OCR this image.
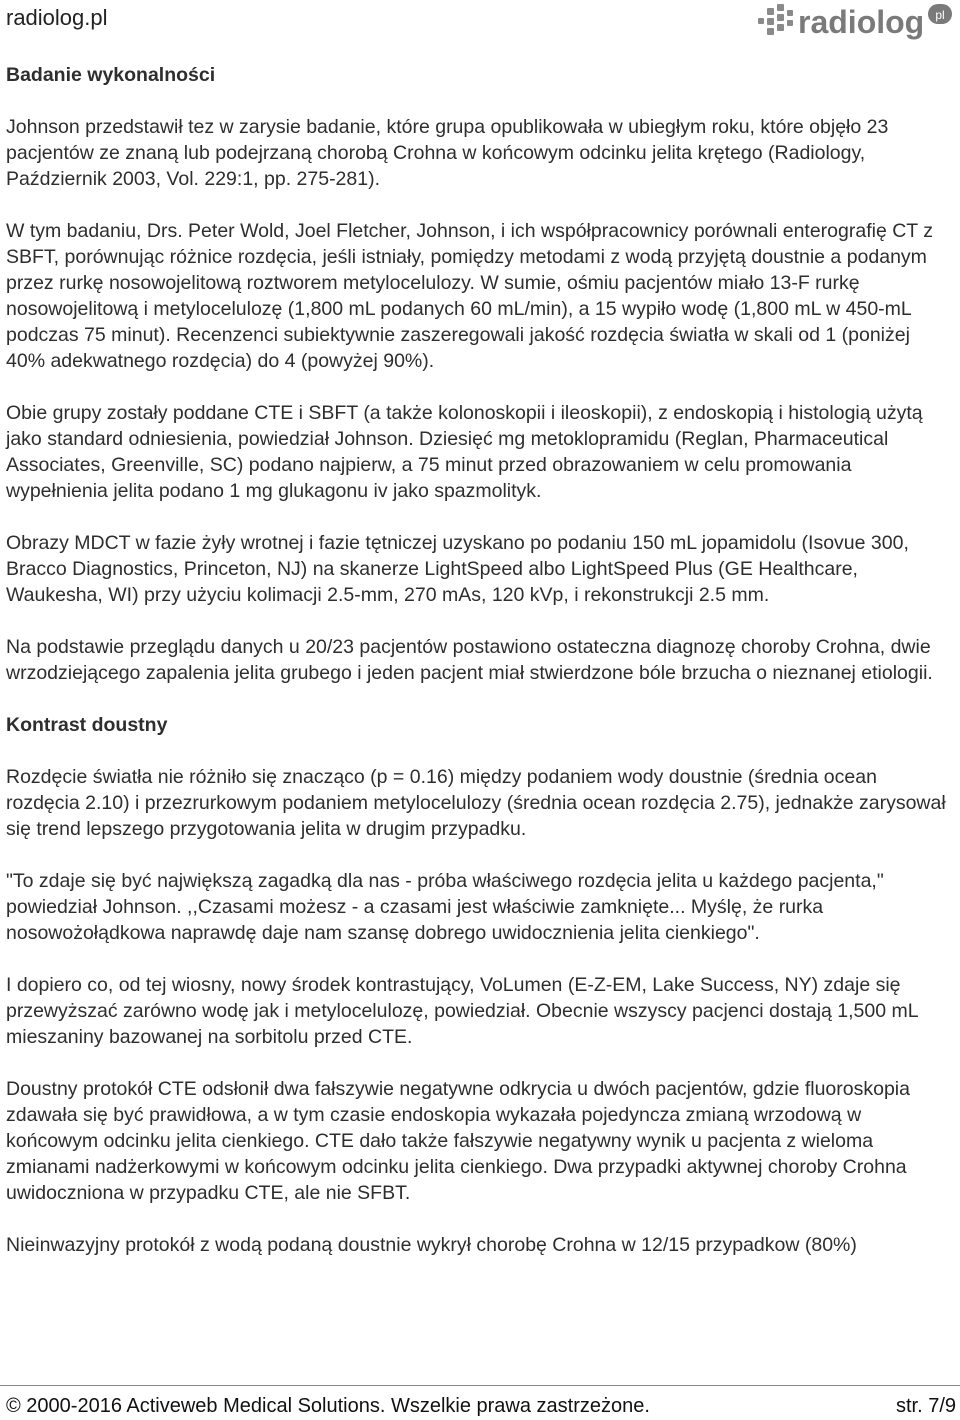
radiolog.pl	radiolog pl
Badanie wykonalności

Johnson przedstawił tez w zarysie badanie, które grupa opublikowała w ubiegłym roku, które objęło 23 pacjentów ze znaną lub podejrzaną chorobą Crohna w końcowym odcinku jelita krętego (Radiology, Październik 2003, Vol. 229:1, pp. 275-281).

W tym badaniu, Drs. Peter Wold, Joel Fletcher, Johnson, i ich współpracownicy porównali enterografię CT z SBFT, porównując różnice rozdęcia, jeśli istniały, pomiędzy metodami z wodą przyjętą doustnie a podanym przez rurkę nosowojelitową roztworem metylocelulozy. W sumie, ośmiu pacjentów miało 13-F rurkę nosowojelitową i metylocelulozę (1,800 mL podanych 60 mL/min), a 15 wypiło wodę (1,800 mL w 450-mL podczas 75 minut). Recenzenci subiektywnie zaszeregowali jakość rozdęcia światła w skali od 1 (poniżej 40% adekwatnego rozdęcia) do 4 (powyżej 90%).

Obie grupy zostały poddane CTE i SBFT (a także kolonoskopii i ileoskopii), z endoskopią i histologią użytą jako standard odniesienia, powiedział Johnson. Dziesięć mg metoklopramidu (Reglan, Pharmaceutical Associates, Greenville, SC) podano najpierw, a 75 minut przed obrazowaniem w celu promowania wypełnienia jelita podano 1 mg glukagonu iv jako spazmolityk.

Obrazy MDCT w fazie żyły wrotnej i fazie tętniczej uzyskano po podaniu 150 mL jopamidolu (Isovue 300, Bracco Diagnostics, Princeton, NJ) na skanerze LightSpeed albo LightSpeed Plus (GE Healthcare, Waukesha, WI) przy użyciu kolimacji 2.5-mm, 270 mAs, 120 kVp, i rekonstrukcji 2.5 mm.

Na podstawie przeglądu danych u 20/23 pacjentów postawiono ostateczna diagnozę choroby Crohna, dwie wrzodziejącego zapalenia jelita grubego i jeden pacjent miał stwierdzone bóle brzucha o nieznanej etiologii.

Kontrast doustny

Rozdęcie światła nie różniło się znacząco (p = 0.16) między podaniem wody doustnie (średnia ocean rozdęcia 2.10) i przezrurkowym podaniem metylocelulozy (średnia ocean rozdęcia 2.75), jednakże zarysował się trend lepszego przygotowania jelita w drugim przypadku.

"To zdaje się być największą zagadką dla nas - próba właściwego rozdęcia jelita u każdego pacjenta," powiedział Johnson. ,,Czasami możesz - a czasami jest właściwie zamknięte... Myślę, że rurka nosowożołądkowa naprawdę daje nam szansę dobrego uwidocznienia jelita cienkiego".

I dopiero co, od tej wiosny, nowy środek kontrastujący, VoLumen (E-Z-EM, Lake Success, NY) zdaje się przewyższać zarówno wodę jak i metylocelulozę, powiedział. Obecnie wszyscy pacjenci dostają 1,500 mL mieszaniny bazowanej na sorbitolu przed CTE.

Doustny protokół CTE odsłonił dwa fałszywie negatywne odkrycia u dwóch pacjentów, gdzie fluoroskopia zdawała się być prawidłowa, a w tym czasie endoskopia wykazała pojedyncza zmianą wrzodową w końcowym odcinku jelita cienkiego. CTE dało także fałszywie negatywny wynik u pacjenta z wieloma zmianami nadżerkowymi w końcowym odcinku jelita cienkiego. Dwa przypadki aktywnej choroby Crohna uwidoczniona w przypadku CTE, ale nie SFBT.

Nieinwazyjny protokół z wodą podaną doustnie wykrył chorobę Crohna w 12/15 przypadkow (80%)

© 2000-2016 Activeweb Medical Solutions. Wszelkie prawa zastrzeżone.	str. 7/9
